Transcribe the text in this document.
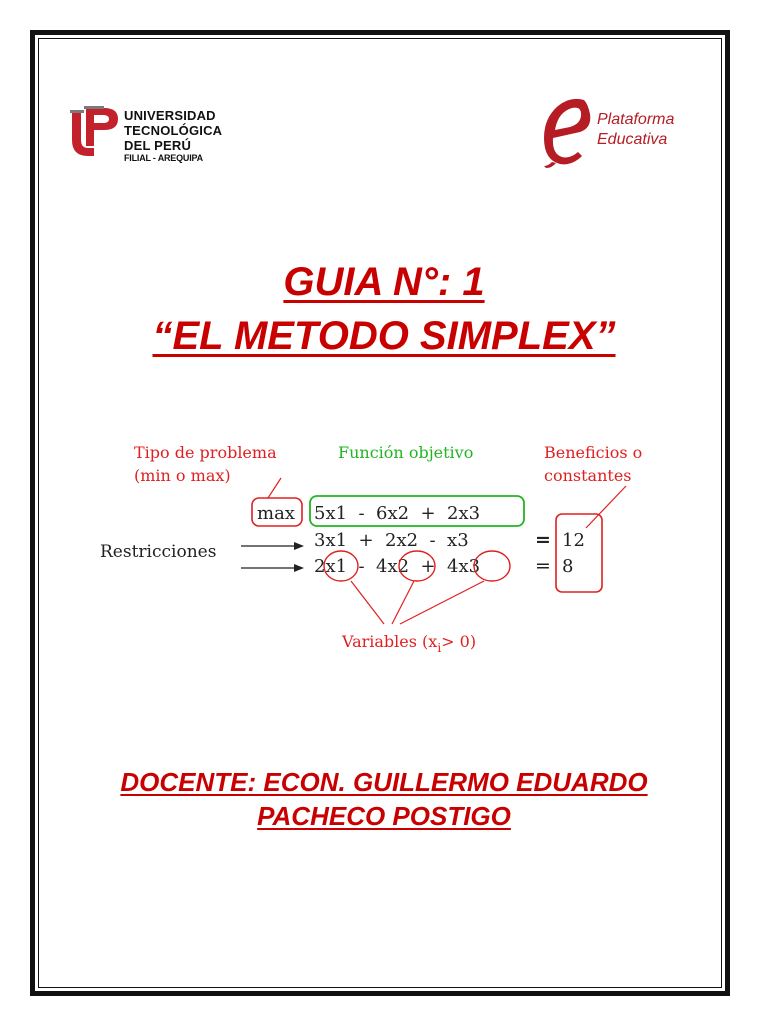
UNIVERSIDAD
TECNOLÓGICA
DEL PERÚ
FILIAL - AREQUIPA
Plataforma
Educativa
GUIA N°: 1
“EL METODO SIMPLEX”
Tipo de problema
(min o max)
Función objetivo	Beneficios o
constantes
Restricciones
max 5x1  -  6x2  +  2x3
3x1  +  2x2  -  x3
2x1  -  4x2  +  4x3
=
=
12
8
Variables $(x_i> 0)$
DOCENTE: ECON. GUILLERMO EDUARDO
PACHECO POSTIGO
